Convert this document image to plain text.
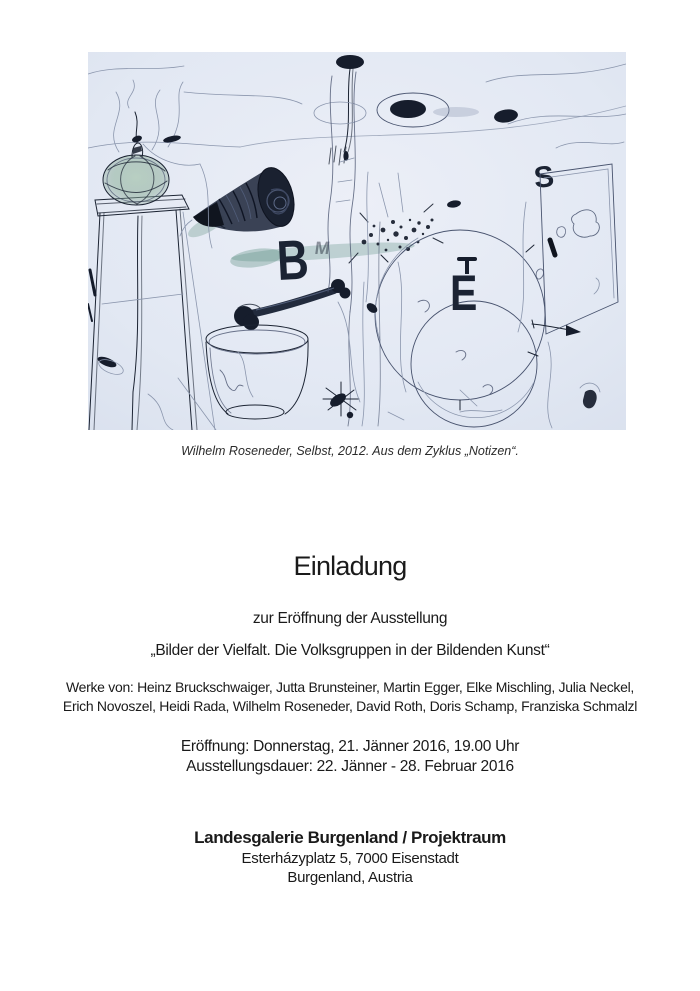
B M
E
S
Wilhelm Roseneder, Selbst, 2012. Aus dem Zyklus „Notizen“.
Einladung
zur Eröffnung der Ausstellung
„Bilder der Vielfalt. Die Volksgruppen in der Bildenden Kunst“
Werke von: Heinz Bruckschwaiger, Jutta Brunsteiner, Martin Egger, Elke Mischling, Julia Neckel,
Erich Novoszel, Heidi Rada, Wilhelm Roseneder, David Roth, Doris Schamp, Franziska Schmalzl
Eröffnung: Donnerstag, 21. Jänner 2016, 19.00 Uhr
Ausstellungsdauer: 22. Jänner - 28. Februar 2016
Landesgalerie Burgenland / Projektraum
Esterházyplatz 5, 7000 Eisenstadt
Burgenland, Austria
